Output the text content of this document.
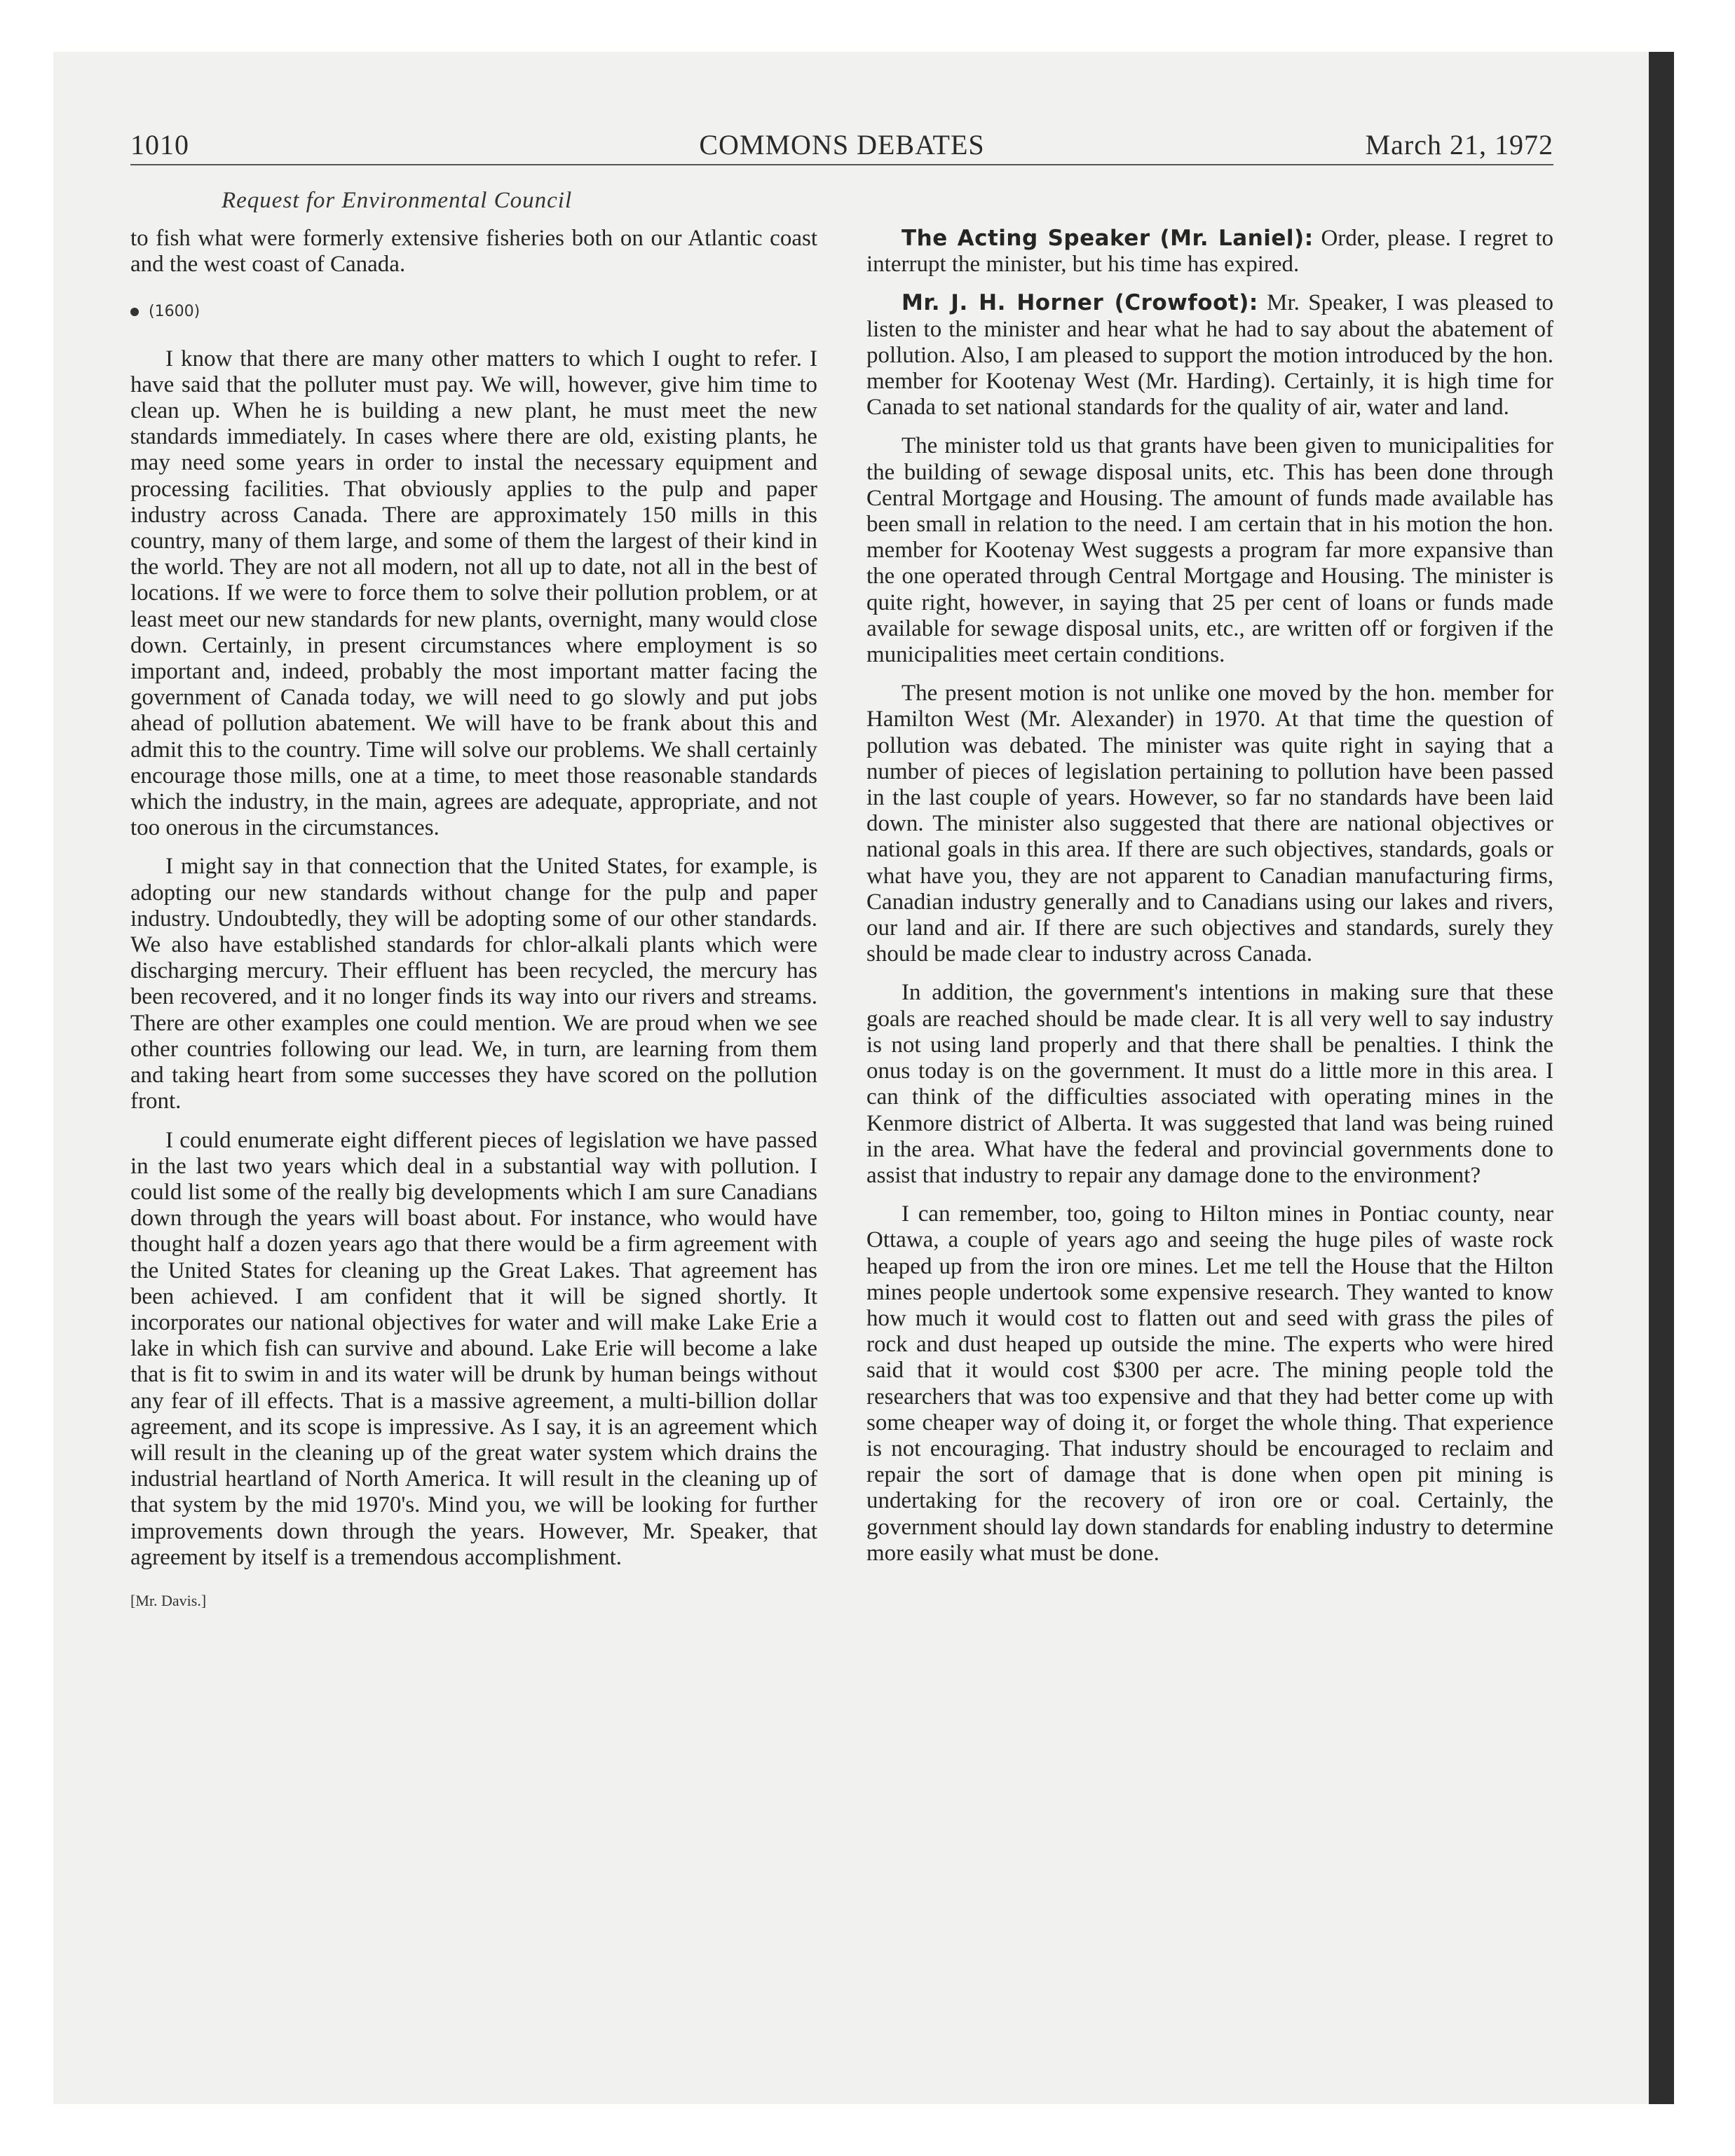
1010	COMMONS DEBATES	March 21, 1972
Request for Environmental Council

to fish what were formerly extensive fisheries both on our Atlantic coast and the west coast of Canada.

(1600)

I know that there are many other matters to which I ought to refer. I have said that the polluter must pay. We will, however, give him time to clean up. When he is building a new plant, he must meet the new standards immediately. In cases where there are old, existing plants, he may need some years in order to instal the necessary equipment and processing facilities. That obviously applies to the pulp and paper industry across Canada. There are approximately 150 mills in this country, many of them large, and some of them the largest of their kind in the world. They are not all modern, not all up to date, not all in the best of locations. If we were to force them to solve their pollution problem, or at least meet our new standards for new plants, overnight, many would close down. Certainly, in present circumstances where employment is so important and, indeed, probably the most important matter facing the government of Canada today, we will need to go slowly and put jobs ahead of pollution abatement. We will have to be frank about this and admit this to the country. Time will solve our problems. We shall certainly encourage those mills, one at a time, to meet those reasonable standards which the industry, in the main, agrees are adequate, appropriate, and not too onerous in the circumstances.

I might say in that connection that the United States, for example, is adopting our new standards without change for the pulp and paper industry. Undoubtedly, they will be adopting some of our other standards. We also have established standards for chlor-alkali plants which were discharging mercury. Their effluent has been recycled, the mercury has been recovered, and it no longer finds its way into our rivers and streams. There are other examples one could mention. We are proud when we see other countries following our lead. We, in turn, are learning from them and taking heart from some successes they have scored on the pollution front.

I could enumerate eight different pieces of legislation we have passed in the last two years which deal in a substantial way with pollution. I could list some of the really big developments which I am sure Canadians down through the years will boast about. For instance, who would have thought half a dozen years ago that there would be a firm agreement with the United States for cleaning up the Great Lakes. That agreement has been achieved. I am confident that it will be signed shortly. It incorporates our national objectives for water and will make Lake Erie a lake in which fish can survive and abound. Lake Erie will become a lake that is fit to swim in and its water will be drunk by human beings without any fear of ill effects. That is a massive agreement, a multi-billion dollar agreement, and its scope is impressive. As I say, it is an agreement which will result in the cleaning up of the great water system which drains the industrial heartland of North America. It will result in the cleaning up of that system by the mid 1970's. Mind you, we will be looking for further improvements down through the years. However, Mr. Speaker, that agreement by itself is a tremendous accomplishment.

[Mr. Davis.]

The Acting Speaker (Mr. Laniel): Order, please. I regret to interrupt the minister, but his time has expired.

Mr. J. H. Horner (Crowfoot): Mr. Speaker, I was pleased to listen to the minister and hear what he had to say about the abatement of pollution. Also, I am pleased to support the motion introduced by the hon. member for Kootenay West (Mr. Harding). Certainly, it is high time for Canada to set national standards for the quality of air, water and land.

The minister told us that grants have been given to municipalities for the building of sewage disposal units, etc. This has been done through Central Mortgage and Housing. The amount of funds made available has been small in relation to the need. I am certain that in his motion the hon. member for Kootenay West suggests a program far more expansive than the one operated through Central Mortgage and Housing. The minister is quite right, however, in saying that 25 per cent of loans or funds made available for sewage disposal units, etc., are written off or forgiven if the municipalities meet certain conditions.

The present motion is not unlike one moved by the hon. member for Hamilton West (Mr. Alexander) in 1970. At that time the question of pollution was debated. The minister was quite right in saying that a number of pieces of legislation pertaining to pollution have been passed in the last couple of years. However, so far no standards have been laid down. The minister also suggested that there are national objectives or national goals in this area. If there are such objectives, standards, goals or what have you, they are not apparent to Canadian manufacturing firms, Canadian industry generally and to Canadians using our lakes and rivers, our land and air. If there are such objectives and standards, surely they should be made clear to industry across Canada.

In addition, the government's intentions in making sure that these goals are reached should be made clear. It is all very well to say industry is not using land properly and that there shall be penalties. I think the onus today is on the government. It must do a little more in this area. I can think of the difficulties associated with operating mines in the Kenmore district of Alberta. It was suggested that land was being ruined in the area. What have the federal and provincial governments done to assist that industry to repair any damage done to the environment?

I can remember, too, going to Hilton mines in Pontiac county, near Ottawa, a couple of years ago and seeing the huge piles of waste rock heaped up from the iron ore mines. Let me tell the House that the Hilton mines people undertook some expensive research. They wanted to know how much it would cost to flatten out and seed with grass the piles of rock and dust heaped up outside the mine. The experts who were hired said that it would cost $300 per acre. The mining people told the researchers that was too expensive and that they had better come up with some cheaper way of doing it, or forget the whole thing. That experience is not encouraging. That industry should be encouraged to reclaim and repair the sort of damage that is done when open pit mining is undertaking for the recovery of iron ore or coal. Certainly, the government should lay down standards for enabling industry to determine more easily what must be done.
